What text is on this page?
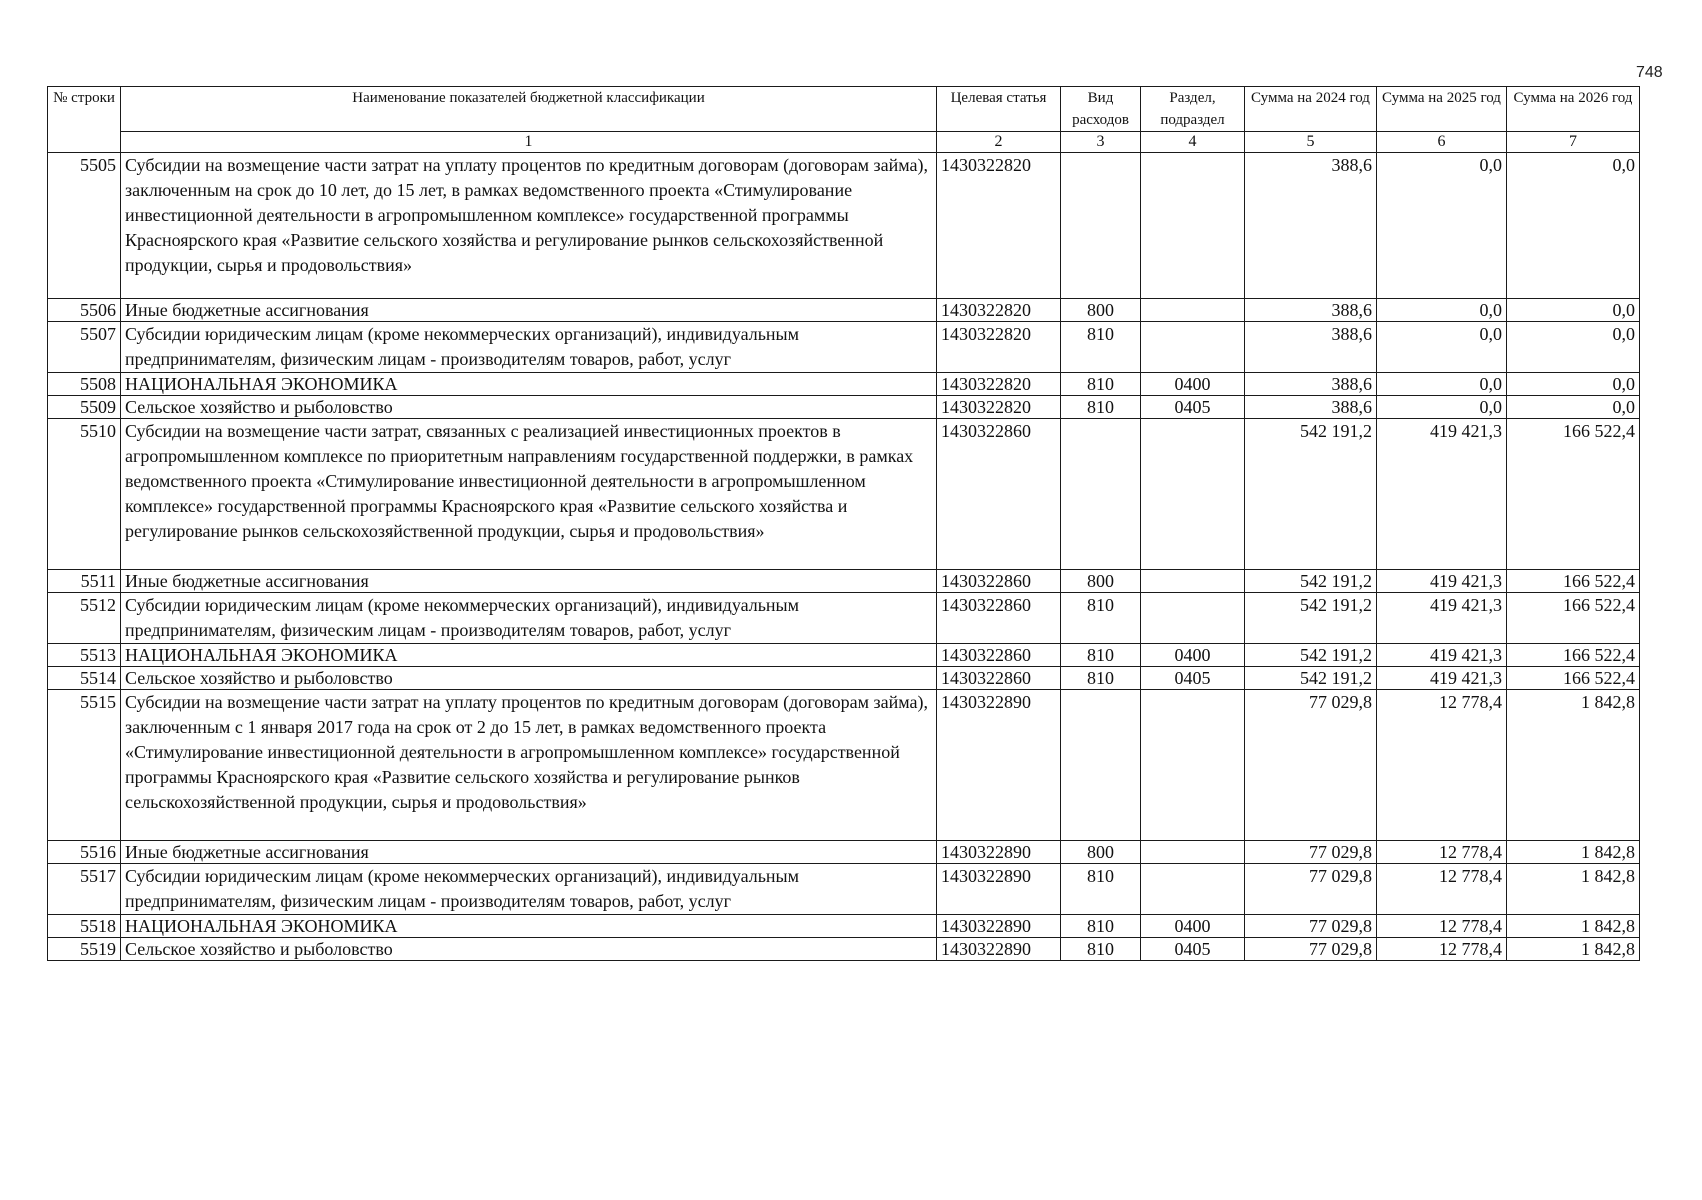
748
№ строки	Наименование показателей бюджетной классификации	Целевая статья	Вид расходов	Раздел, подраздел	Сумма на 2024 год	Сумма на 2025 год	Сумма на 2026 год
	1	2	3	4	5	6	7
5505	Субсидии на возмещение части затрат на уплату процентов по кредитным договорам (договорам займа), заключенным на срок до 10 лет, до 15 лет, в рамках ведомственного проекта «Стимулирование инвестиционной деятельности в агропромышленном комплексе» государственной программы Красноярского края «Развитие сельского хозяйства и регулирование рынков сельскохозяйственной продукции, сырья и продовольствия»	1430322820			388,6	0,0	0,0
5506	Иные бюджетные ассигнования	1430322820	800		388,6	0,0	0,0
5507	Субсидии юридическим лицам (кроме некоммерческих организаций), индивидуальным предпринимателям, физическим лицам - производителям товаров, работ, услуг	1430322820	810		388,6	0,0	0,0
5508	НАЦИОНАЛЬНАЯ ЭКОНОМИКА	1430322820	810	0400	388,6	0,0	0,0
5509	Сельское хозяйство и рыболовство	1430322820	810	0405	388,6	0,0	0,0
5510	Субсидии на возмещение части затрат, связанных с реализацией инвестиционных проектов в агропромышленном комплексе по приоритетным направлениям государственной поддержки, в рамках ведомственного проекта «Стимулирование инвестиционной деятельности в агропромышленном комплексе» государственной программы Красноярского края «Развитие сельского хозяйства и регулирование рынков сельскохозяйственной продукции, сырья и продовольствия»	1430322860			542 191,2	419 421,3	166 522,4
5511	Иные бюджетные ассигнования	1430322860	800		542 191,2	419 421,3	166 522,4
5512	Субсидии юридическим лицам (кроме некоммерческих организаций), индивидуальным предпринимателям, физическим лицам - производителям товаров, работ, услуг	1430322860	810		542 191,2	419 421,3	166 522,4
5513	НАЦИОНАЛЬНАЯ ЭКОНОМИКА	1430322860	810	0400	542 191,2	419 421,3	166 522,4
5514	Сельское хозяйство и рыболовство	1430322860	810	0405	542 191,2	419 421,3	166 522,4
5515	Субсидии на возмещение части затрат на уплату процентов по кредитным договорам (договорам займа), заключенным с 1 января 2017 года на срок от 2 до 15 лет, в рамках ведомственного проекта «Стимулирование инвестиционной деятельности в агропромышленном комплексе» государственной программы Красноярского края «Развитие сельского хозяйства и регулирование рынков сельскохозяйственной продукции, сырья и продовольствия»	1430322890			77 029,8	12 778,4	1 842,8
5516	Иные бюджетные ассигнования	1430322890	800		77 029,8	12 778,4	1 842,8
5517	Субсидии юридическим лицам (кроме некоммерческих организаций), индивидуальным предпринимателям, физическим лицам - производителям товаров, работ, услуг	1430322890	810		77 029,8	12 778,4	1 842,8
5518	НАЦИОНАЛЬНАЯ ЭКОНОМИКА	1430322890	810	0400	77 029,8	12 778,4	1 842,8
5519	Сельское хозяйство и рыболовство	1430322890	810	0405	77 029,8	12 778,4	1 842,8
